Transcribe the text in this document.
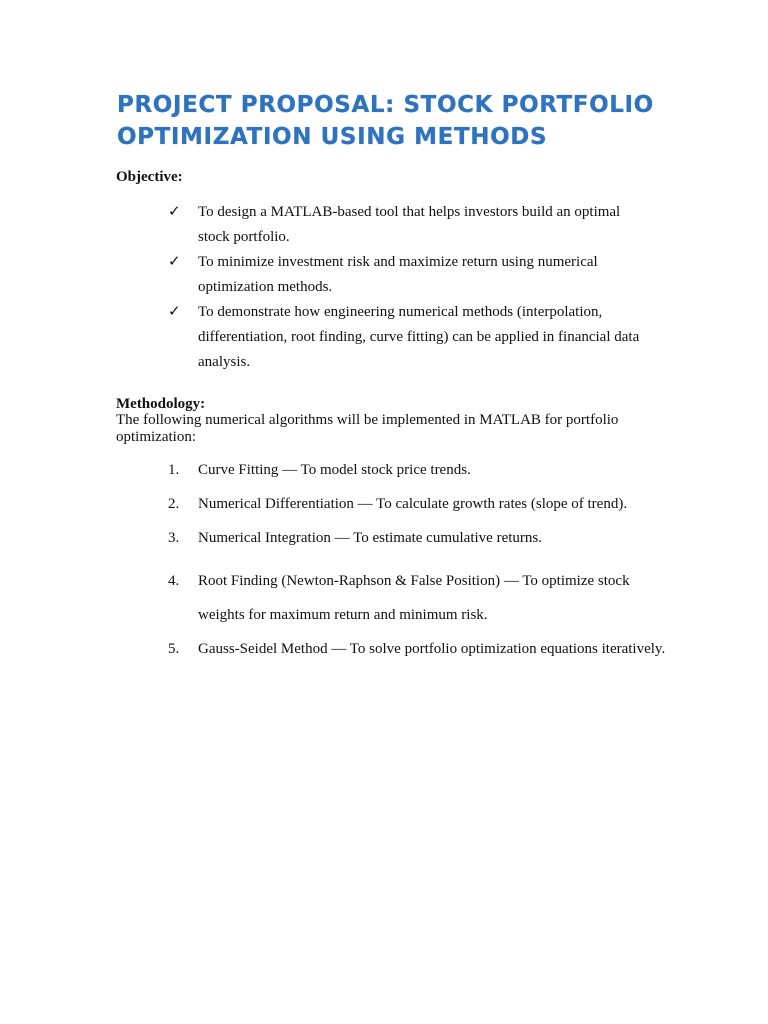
PROJECT PROPOSAL: STOCK PORTFOLIO OPTIMIZATION USING METHODS
Objective:
✓ To design a MATLAB-based tool that helps investors build an optimal stock portfolio.
✓ To minimize investment risk and maximize return using numerical optimization methods.
✓ To demonstrate how engineering numerical methods (interpolation, differentiation, root finding, curve fitting) can be applied in financial data analysis.
Methodology:
The following numerical algorithms will be implemented in MATLAB for portfolio optimization:
1.	Curve Fitting — To model stock price trends.
2.	Numerical Differentiation — To calculate growth rates (slope of trend).
3.	Numerical Integration — To estimate cumulative returns.
4.	Root Finding (Newton-Raphson & False Position) — To optimize stock weights for maximum return and minimum risk.
5.	Gauss-Seidel Method — To solve portfolio optimization equations iteratively.
